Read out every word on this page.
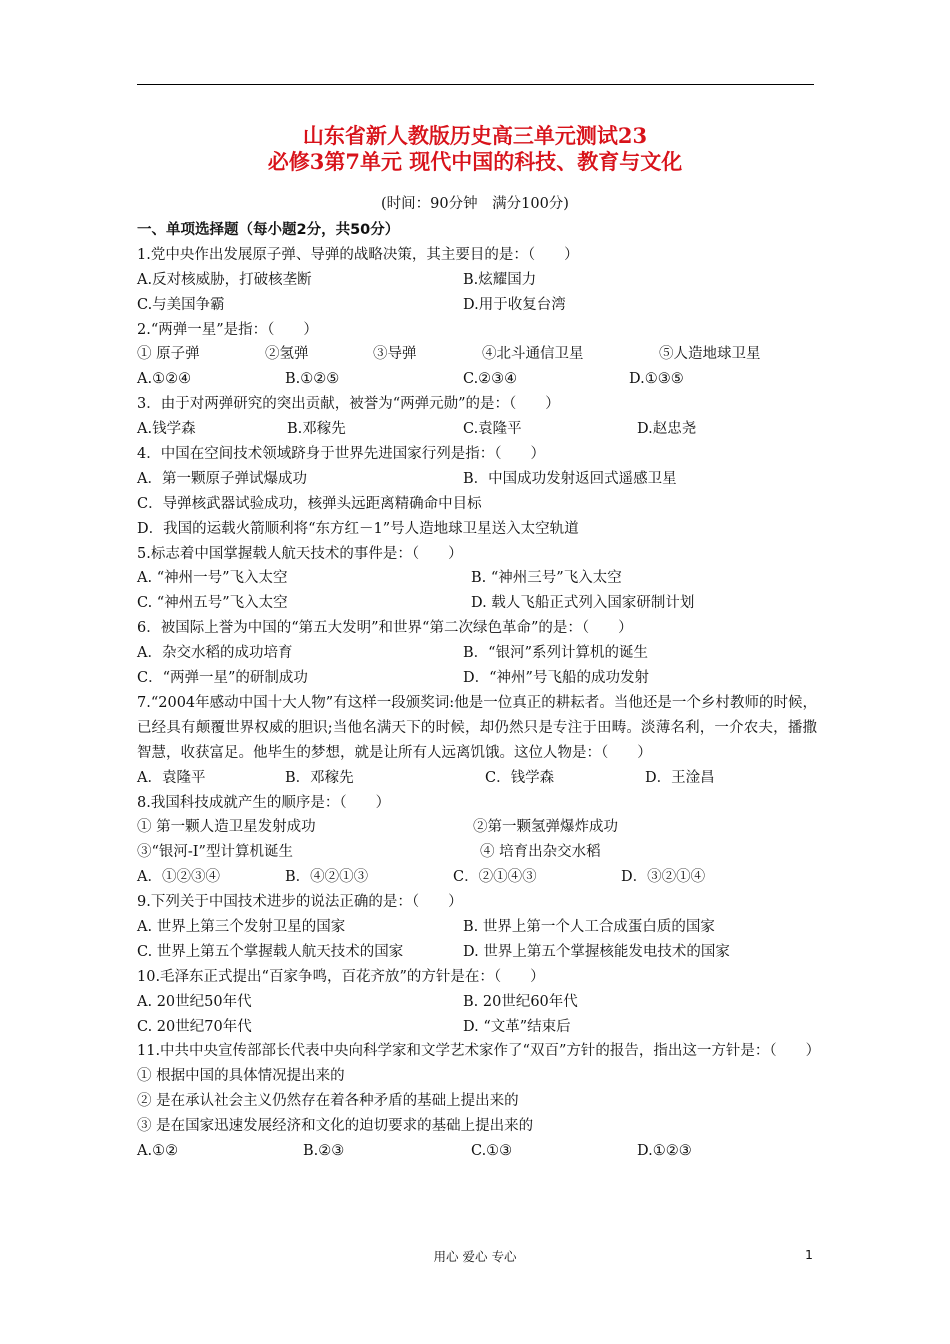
山东省新人教版历史高三单元测试23
必修3第7单元 现代中国的科技、教育与文化
(时间：90分钟　满分100分)
一、单项选择题（每小题2分，共50分）
1.党中央作出发展原子弹、导弹的战略决策，其主要目的是：（　　）
A.反对核威胁，打破核垄断	B.炫耀国力
C.与美国争霸	D.用于收复台湾
2.“两弹一星”是指：（　　）
① 原子弹	②氢弹	③导弹	④北斗通信卫星	⑤人造地球卫星
A.①②④	B.①②⑤	C.②③④	D.①③⑤
3．由于对两弹研究的突出贡献，被誉为“两弹元勋”的是：（　　）
A.钱学森	B.邓稼先	C.袁隆平	D.赵忠尧
4．中国在空间技术领域跻身于世界先进国家行列是指：（　　）
A．第一颗原子弹试爆成功	B．中国成功发射返回式遥感卫星
C．导弹核武器试验成功，核弹头远距离精确命中目标
D．我国的运载火箭顺利将“东方红－1”号人造地球卫星送入太空轨道
5.标志着中国掌握载人航天技术的事件是：（　　）
A. “神州一号”飞入太空	B. “神州三号”飞入太空
C. “神州五号”飞入太空	D. 载人飞船正式列入国家研制计划
6．被国际上誉为中国的“第五大发明”和世界“第二次绿色革命”的是：（　　）
A．杂交水稻的成功培育	B．“银河”系列计算机的诞生
C．“两弹一星”的研制成功	D．“神州”号飞船的成功发射
7.“2004年感动中国十大人物”有这样一段颁奖词:他是一位真正的耕耘者。当他还是一个乡村教师的时候，已经具有颠覆世界权威的胆识;当他名满天下的时候，却仍然只是专注于田畴。淡薄名利，一介农夫，播撒智慧，收获富足。他毕生的梦想，就是让所有人远离饥饿。这位人物是：（　　）
A．袁隆平	B．邓稼先	C．钱学森	D．王淦昌
8.我国科技成就产生的顺序是：（　　）
① 第一颗人造卫星发射成功	②第一颗氢弹爆炸成功
③“银河-I”型计算机诞生	④ 培育出杂交水稻
A．①②③④	B．④②①③	C．②①④③	D．③②①④
9.下列关于中国技术进步的说法正确的是：（　　）
A. 世界上第三个发射卫星的国家	B. 世界上第一个人工合成蛋白质的国家
C. 世界上第五个掌握载人航天技术的国家	D. 世界上第五个掌握核能发电技术的国家
10.毛泽东正式提出“百家争鸣，百花齐放”的方针是在：（　　）
A. 20世纪50年代	B. 20世纪60年代
C. 20世纪70年代	D. “文革”结束后
11.中共中央宣传部部长代表中央向科学家和文学艺术家作了“双百”方针的报告，指出这一方针是：（　　）
① 根据中国的具体情况提出来的
② 是在承认社会主义仍然存在着各种矛盾的基础上提出来的
③ 是在国家迅速发展经济和文化的迫切要求的基础上提出来的
A.①②	B.②③	C.①③	D.①②③
用心 爱心 专心	1
